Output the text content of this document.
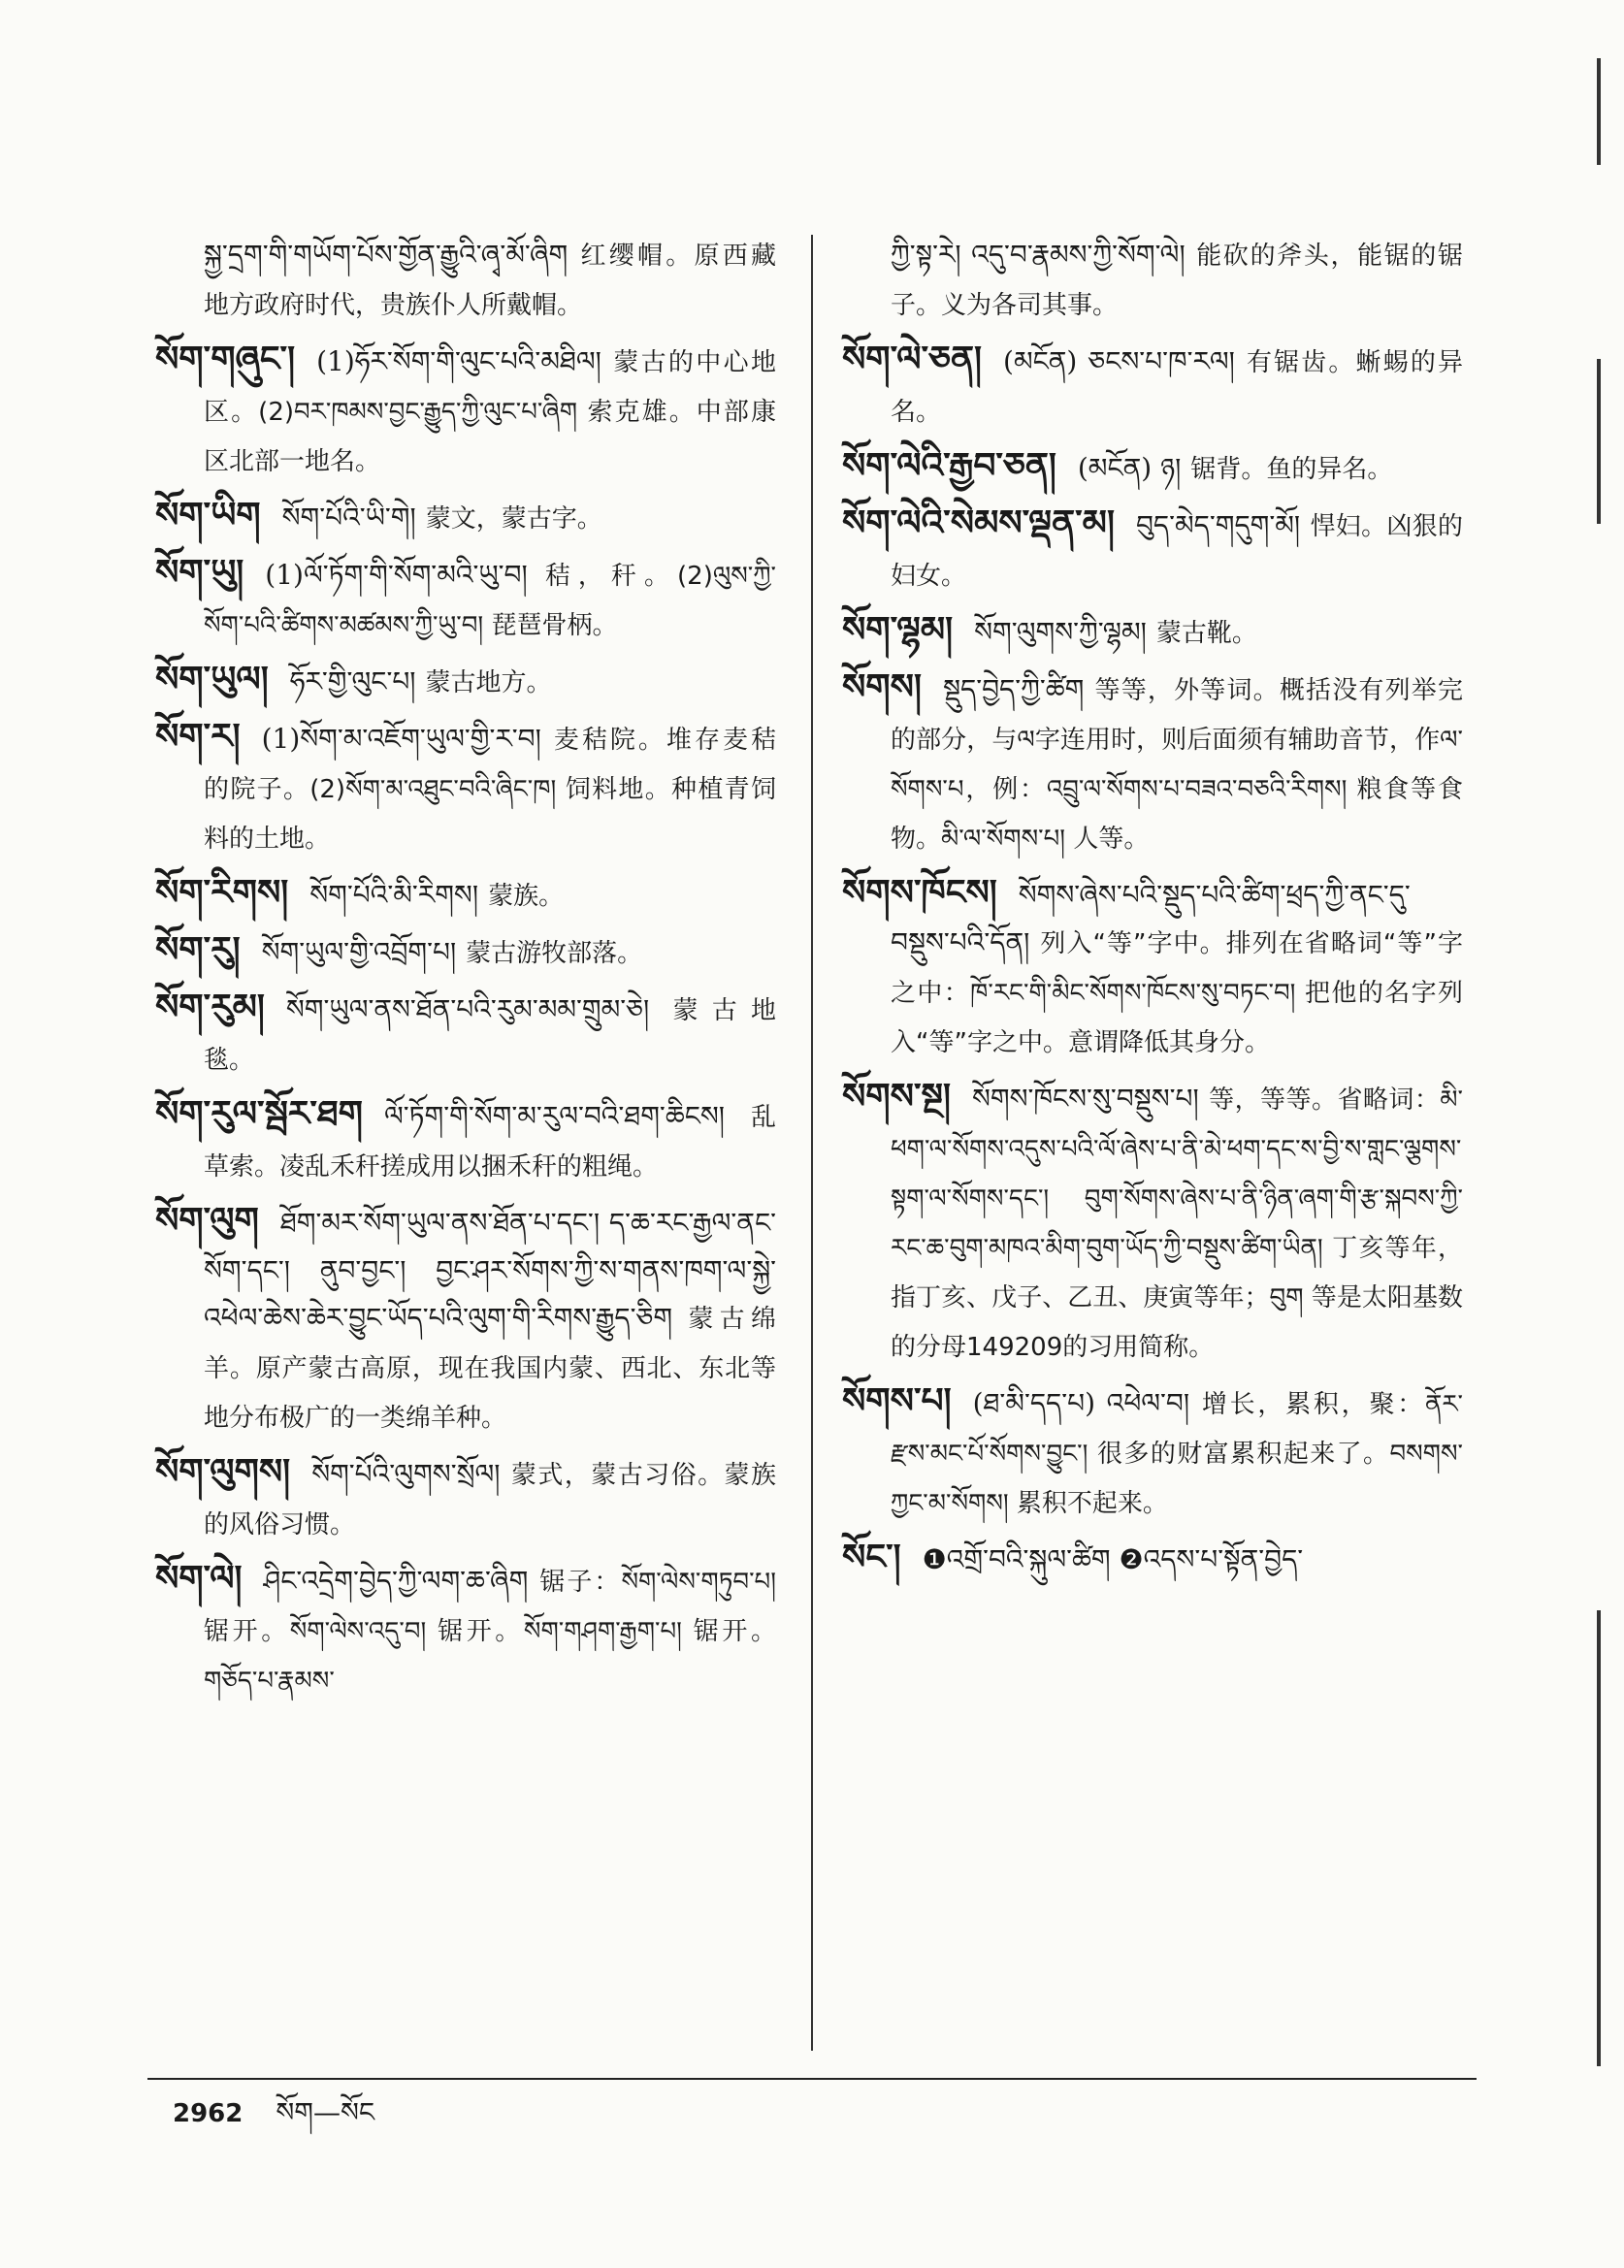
སྐྱ་དྲག་གི་གཡོག་པོས་གྱོན་རྒྱུའི་ཞྭ་མོ་ཞིག 红缨帽。原西藏地方政府时代，贵族仆人所戴帽。

སོག་གཞུང་། (1)ཧོར་སོག་གི་ལུང་པའི་མཐིལ། 蒙古的中心地区。(2)བར་ཁམས་བྱང་རྒྱུད་ཀྱི་ལུང་པ་ཞིག 索克雄。中部康区北部一地名。

སོག་ཡིག སོག་པོའི་ཡི་གེ། 蒙文，蒙古字。

སོག་ཡུ། (1)ལོ་ཏོག་གི་སོག་མའི་ཡུ་བ། 秸，秆。(2)ལུས་ཀྱི་སོག་པའི་ཚིགས་མཚམས་ཀྱི་ཡུ་བ། 琵琶骨柄。

སོག་ཡུལ། ཧོར་གྱི་ལུང་པ། 蒙古地方。

སོག་ར། (1)སོག་མ་འཇོག་ཡུལ་གྱི་ར་བ། 麦秸院。堆存麦秸的院子。(2)སོག་མ་འཐུང་བའི་ཞིང་ཁ། 饲料地。种植青饲料的土地。

སོག་རིགས། སོག་པོའི་མི་རིགས། 蒙族。

སོག་རུ། སོག་ཡུལ་གྱི་འབྲོག་པ། 蒙古游牧部落。

སོག་རུམ། སོག་ཡུལ་ནས་ཐོན་པའི་རུམ་མམ་གྲུམ་ཅེ། 蒙古地毯。

སོག་རུལ་སྦོར་ཐག ལོ་ཏོག་གི་སོག་མ་རུལ་བའི་ཐག་ཆིངས། 乱草索。凌乱禾秆搓成用以捆禾秆的粗绳。

སོག་ལུག ཐོག་མར་སོག་ཡུལ་ནས་ཐོན་པ་དང་། ད་ཆ་རང་རྒྱལ་ནང་སོག་དང་། ནུབ་བྱང་། བྱང་ཤར་སོགས་ཀྱི་ས་གནས་ཁག་ལ་སྐྱེ་འཕེལ་ཆེས་ཆེར་བྱུང་ཡོད་པའི་ལུག་གི་རིགས་རྒྱུད་ཅིག 蒙古绵羊。原产蒙古高原，现在我国内蒙、西北、东北等地分布极广的一类绵羊种。

སོག་ལུགས། སོག་པོའི་ལུགས་སྲོལ། 蒙式，蒙古习俗。蒙族的风俗习惯。

སོག་ལེ། ཤིང་འདྲེག་བྱེད་ཀྱི་ལག་ཆ་ཞིག 锯子：སོག་ལེས་གཏུབ་པ། 锯开。སོག་ལེས་འདུ་བ། 锯开。སོག་གཤག་རྒྱག་པ། 锯开。གཅོད་པ་རྣམས་

ཀྱི་སྟ་རེ། འདུ་བ་རྣམས་ཀྱི་སོག་ལེ། 能砍的斧头，能锯的锯子。义为各司其事。

སོག་ལེ་ཅན། (མངོན) ཅངས་པ་ཁ་རལ། 有锯齿。蜥蜴的异名。

སོག་ལེའི་རྒྱབ་ཅན། (མངོན) ཉ། 锯背。鱼的异名。

སོག་ལེའི་སེམས་ལྡན་མ། བུད་མེད་གདུག་མོ། 悍妇。凶狠的妇女。

སོག་ལྷམ། སོག་ལུགས་ཀྱི་ལྷམ། 蒙古靴。

སོགས། སྡུད་བྱེད་ཀྱི་ཚིག 等等，外等词。概括没有列举完的部分，与ལ字连用时，则后面须有辅助音节，作ལ་སོགས་པ，例：འབྲུ་ལ་སོགས་པ་བཟའ་བཅའི་རིགས། 粮食等食物。མི་ལ་སོགས་པ། 人等。

སོགས་ཁོངས། སོགས་ཞེས་པའི་སྡུད་པའི་ཚིག་ཕྲད་ཀྱི་ནང་དུ་བསྡུས་པའི་དོན། 列入“等”字中。排列在省略词“等”字之中：ཁོ་རང་གི་མིང་སོགས་ཁོངས་སུ་བཏང་བ། 把他的名字列入“等”字之中。意谓降低其身分。

སོགས་སྔ། སོགས་ཁོངས་སུ་བསྡུས་པ། 等，等等。省略词：མི་ཕག་ལ་སོགས་འདུས་པའི་ལོ་ཞེས་པ་ནི་མེ་ཕག་དང་ས་བྱི་ས་གླང་ལྕགས་སྟག་ལ་སོགས་དང་། བུག་སོགས་ཞེས་པ་ནི་ཉིན་ཞག་གི་རྩ་སྐབས་ཀྱི་རང་ཆ་བུག་མཁའ་མིག་བུག་ཡོད་ཀྱི་བསྡུས་ཚིག་ཡིན། 丁亥等年，指丁亥、戊子、乙丑、庚寅等年；བུག 等是太阳基数的分母149209的习用简称。

སོགས་པ། (ཐ་མི་དད་པ) འཕེལ་བ། 增长，累积，聚：ནོར་རྫས་མང་པོ་སོགས་བྱུང་། 很多的财富累积起来了。བསགས་ཀྱང་མ་སོགས། 累积不起来。

སོང་། ❶འགྲོ་བའི་སྐུལ་ཚིག ❷འདས་པ་སྟོན་བྱེད་

2962 སོག—སོང
